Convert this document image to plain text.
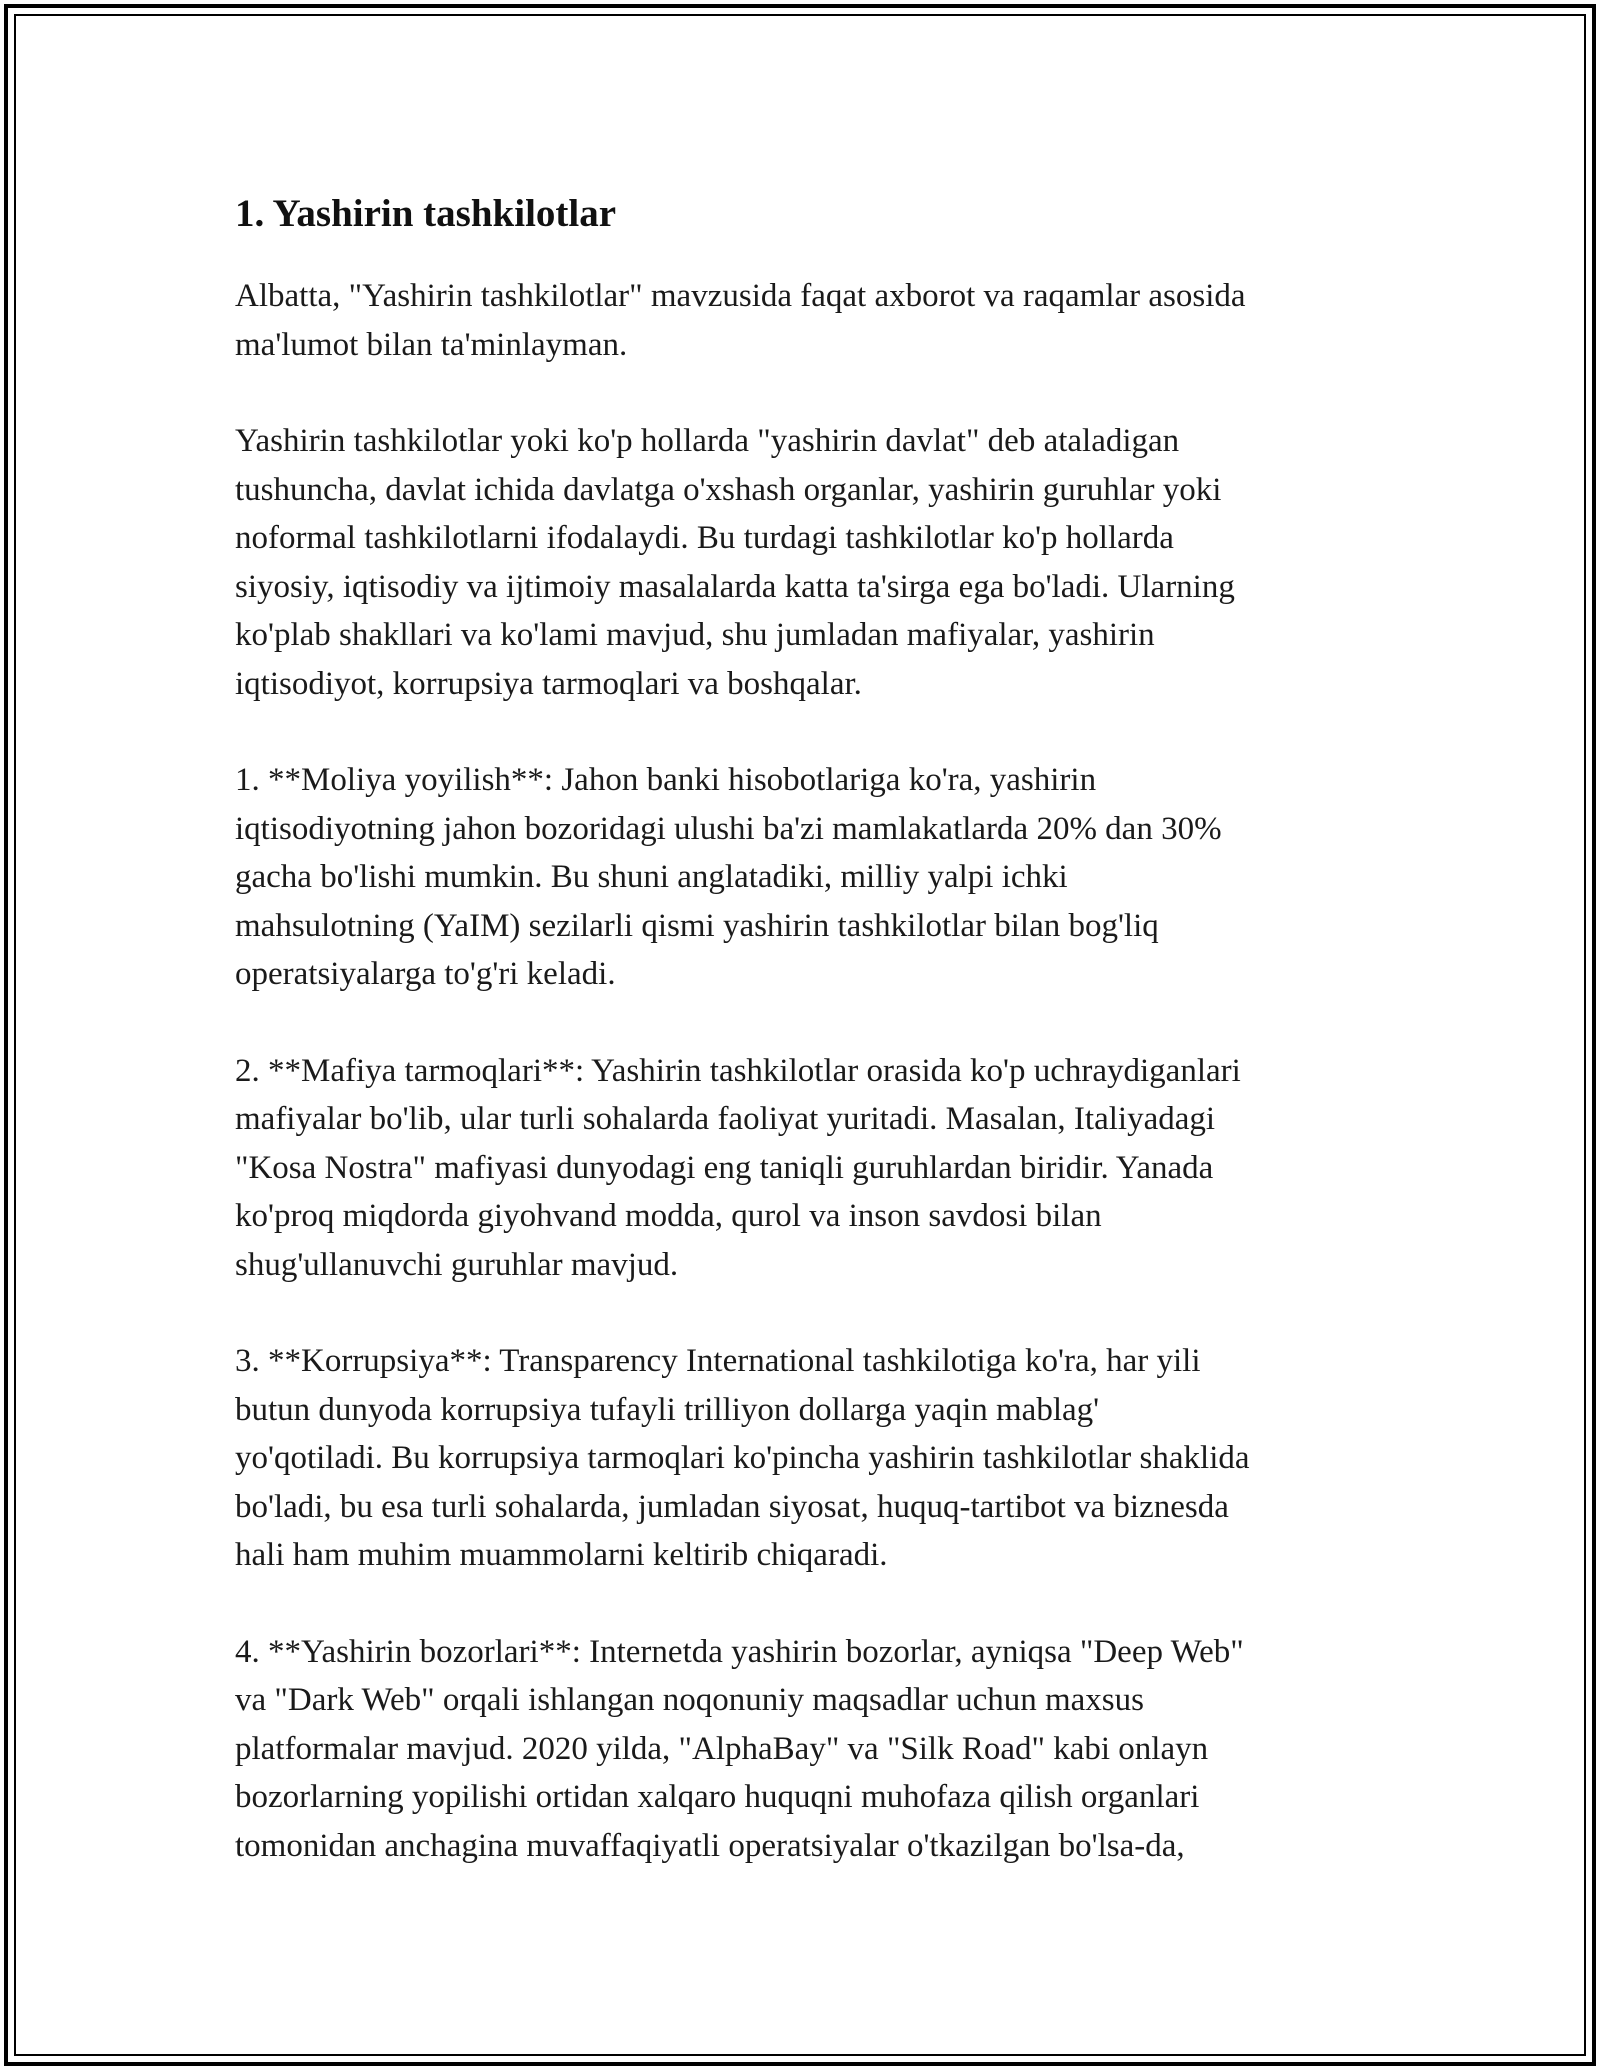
1. Yashirin tashkilotlar

Albatta, "Yashirin tashkilotlar" mavzusida faqat axborot va raqamlar asosida
ma'lumot bilan ta'minlayman.

Yashirin tashkilotlar yoki ko'p hollarda "yashirin davlat" deb ataladigan
tushuncha, davlat ichida davlatga o'xshash organlar, yashirin guruhlar yoki
noformal tashkilotlarni ifodalaydi. Bu turdagi tashkilotlar ko'p hollarda
siyosiy, iqtisodiy va ijtimoiy masalalarda katta ta'sirga ega bo'ladi. Ularning
ko'plab shakllari va ko'lami mavjud, shu jumladan mafiyalar, yashirin
iqtisodiyot, korrupsiya tarmoqlari va boshqalar.

1. **Moliya yoyilish**: Jahon banki hisobotlariga ko'ra, yashirin
iqtisodiyotning jahon bozoridagi ulushi ba'zi mamlakatlarda 20% dan 30%
gacha bo'lishi mumkin. Bu shuni anglatadiki, milliy yalpi ichki
mahsulotning (YaIM) sezilarli qismi yashirin tashkilotlar bilan bog'liq
operatsiyalarga to'g'ri keladi.

2. **Mafiya tarmoqlari**: Yashirin tashkilotlar orasida ko'p uchraydiganlari
mafiyalar bo'lib, ular turli sohalarda faoliyat yuritadi. Masalan, Italiyadagi
"Kosa Nostra" mafiyasi dunyodagi eng taniqli guruhlardan biridir. Yanada
ko'proq miqdorda giyohvand modda, qurol va inson savdosi bilan
shug'ullanuvchi guruhlar mavjud.

3. **Korrupsiya**: Transparency International tashkilotiga ko'ra, har yili
butun dunyoda korrupsiya tufayli trilliyon dollarga yaqin mablag'
yo'qotiladi. Bu korrupsiya tarmoqlari ko'pincha yashirin tashkilotlar shaklida
bo'ladi, bu esa turli sohalarda, jumladan siyosat, huquq-tartibot va biznesda
hali ham muhim muammolarni keltirib chiqaradi.

4. **Yashirin bozorlari**: Internetda yashirin bozorlar, ayniqsa "Deep Web"
va "Dark Web" orqali ishlangan noqonuniy maqsadlar uchun maxsus
platformalar mavjud. 2020 yilda, "AlphaBay" va "Silk Road" kabi onlayn
bozorlarning yopilishi ortidan xalqaro huquqni muhofaza qilish organlari
tomonidan anchagina muvaffaqiyatli operatsiyalar o'tkazilgan bo'lsa-da,
